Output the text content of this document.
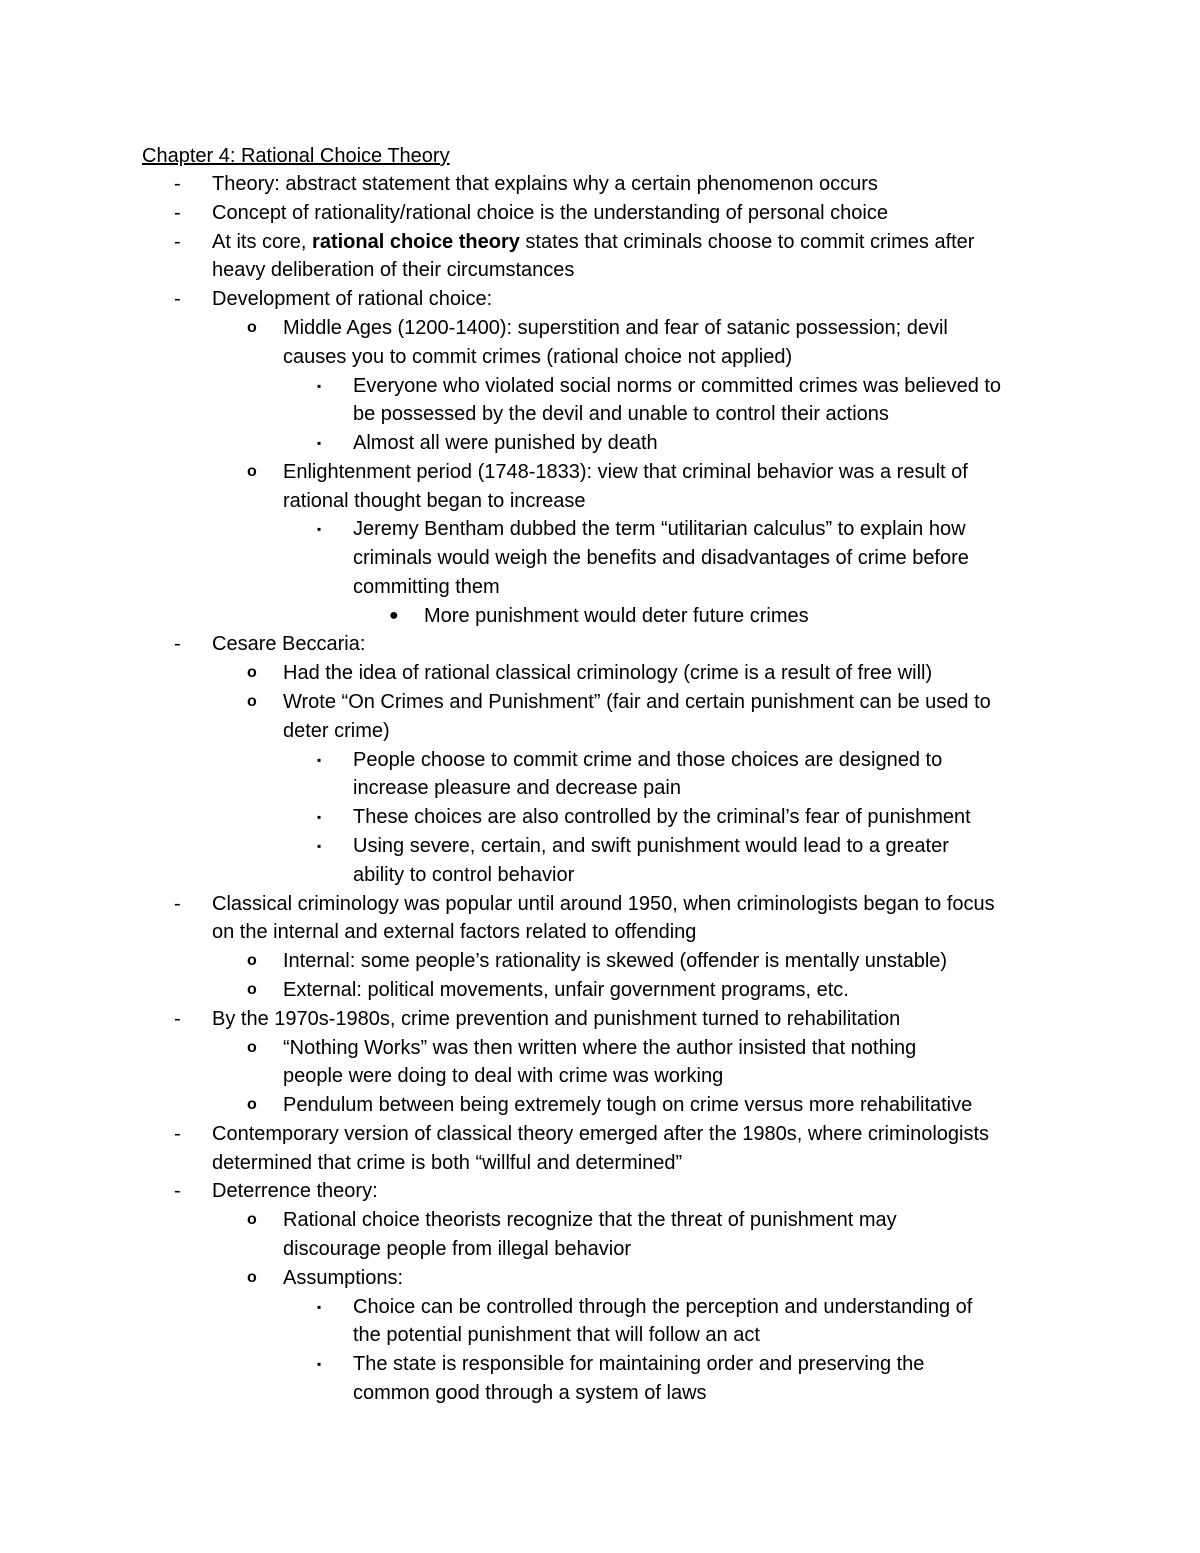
Chapter 4: Rational Choice Theory
- Theory: abstract statement that explains why a certain phenomenon occurs
- Concept of rationality/rational choice is the understanding of personal choice
- At its core, rational choice theory states that criminals choose to commit crimes after
heavy deliberation of their circumstances
- Development of rational choice:
o Middle Ages (1200-1400): superstition and fear of satanic possession; devil
causes you to commit crimes (rational choice not applied)
▪ Everyone who violated social norms or committed crimes was believed to
be possessed by the devil and unable to control their actions
▪ Almost all were punished by death
o Enlightenment period (1748-1833): view that criminal behavior was a result of
rational thought began to increase
▪ Jeremy Bentham dubbed the term “utilitarian calculus” to explain how
criminals would weigh the benefits and disadvantages of crime before
committing them
● More punishment would deter future crimes
- Cesare Beccaria:
o Had the idea of rational classical criminology (crime is a result of free will)
o Wrote “On Crimes and Punishment” (fair and certain punishment can be used to
deter crime)
▪ People choose to commit crime and those choices are designed to
increase pleasure and decrease pain
▪ These choices are also controlled by the criminal’s fear of punishment
▪ Using severe, certain, and swift punishment would lead to a greater
ability to control behavior
- Classical criminology was popular until around 1950, when criminologists began to focus
on the internal and external factors related to offending
o Internal: some people’s rationality is skewed (offender is mentally unstable)
o External: political movements, unfair government programs, etc.
- By the 1970s-1980s, crime prevention and punishment turned to rehabilitation
o “Nothing Works” was then written where the author insisted that nothing
people were doing to deal with crime was working
o Pendulum between being extremely tough on crime versus more rehabilitative
- Contemporary version of classical theory emerged after the 1980s, where criminologists
determined that crime is both “willful and determined”
- Deterrence theory:
o Rational choice theorists recognize that the threat of punishment may
discourage people from illegal behavior
o Assumptions:
▪ Choice can be controlled through the perception and understanding of
the potential punishment that will follow an act
▪ The state is responsible for maintaining order and preserving the
common good through a system of laws
